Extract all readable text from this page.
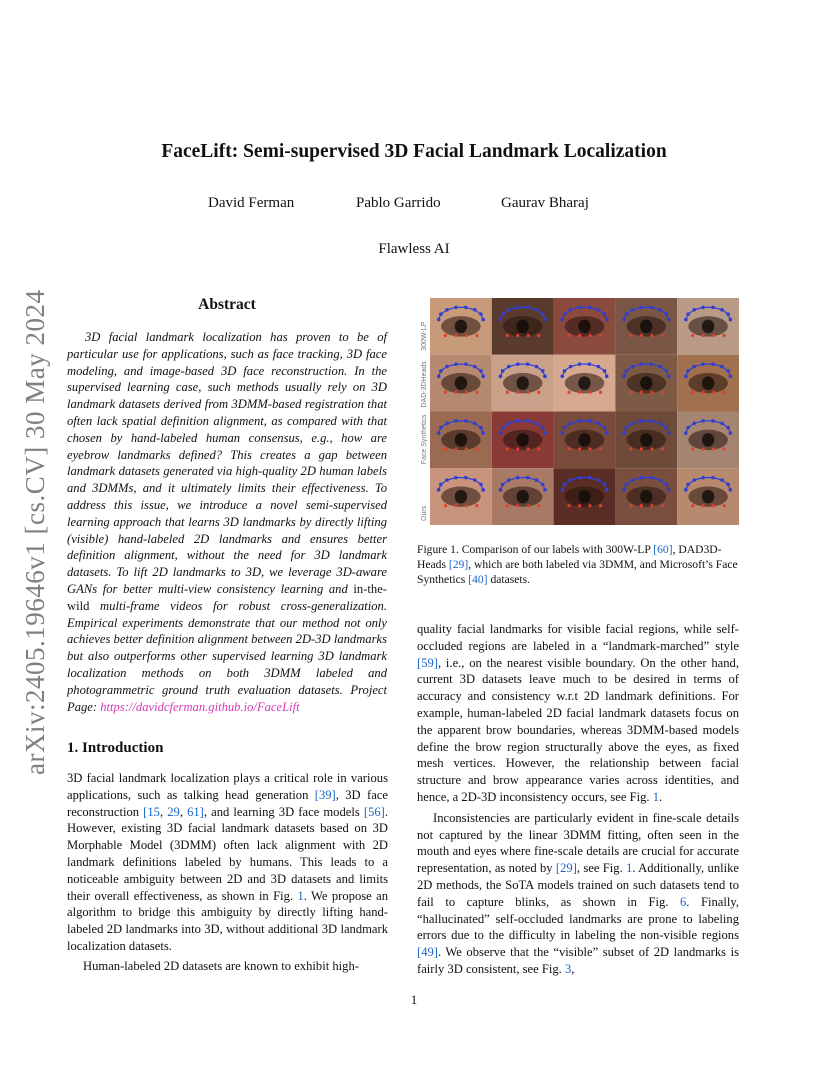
FaceLift: Semi-supervised 3D Facial Landmark Localization
David Ferman	Pablo Garrido	Gaurav Bharaj
Flawless AI
arXiv:2405.19646v1 [cs.CV] 30 May 2024	Abstract

3D facial landmark localization has proven to be of particular use for applications, such as face tracking, 3D face modeling, and image-based 3D face reconstruction. In the supervised learning case, such methods usually rely on 3D landmark datasets derived from 3DMM-based registration that often lack spatial definition alignment, as compared with that chosen by hand-labeled human consensus, e.g., how are eyebrow landmarks defined? This creates a gap between landmark datasets generated via high-quality 2D human labels and 3DMMs, and it ultimately limits their effectiveness. To address this issue, we introduce a novel semi-supervised learning approach that learns 3D landmarks by directly lifting (visible) hand-labeled 2D landmarks and ensures better definition alignment, without the need for 3D landmark datasets. To lift 2D landmarks to 3D, we leverage 3D-aware GANs for better multi-view consistency learning and in-the-wild multi-frame videos for robust cross-generalization. Empirical experiments demonstrate that our method not only achieves better definition alignment between 2D-3D landmarks but also outperforms other supervised learning 3D landmark localization methods on both 3DMM labeled and photogrammetric ground truth evaluation datasets. Project Page: https://davidcferman.github.io/FaceLift

1. Introduction

3D facial landmark localization plays a critical role in various applications, such as talking head generation [39], 3D face reconstruction [15, 29, 61], and learning 3D face models [56]. However, existing 3D facial landmark datasets based on 3D Morphable Model (3DMM) often lack alignment with 2D landmark definitions labeled by humans. This leads to a noticeable ambiguity between 2D and 3D datasets and limits their overall effectiveness, as shown in Fig. 1. We propose an algorithm to bridge this ambiguity by directly lifting hand-labeled 2D landmarks into 3D, without additional 3D landmark localization datasets.

Human-labeled 2D datasets are known to exhibit high-

300W-LP
DAD-3DHeads
Face Synthetics
Ours
Figure 1. Comparison of our labels with 300W-LP [60], DAD3D-Heads [29], which are both labeled via 3DMM, and Microsoft’s Face Synthetics [40] datasets.

quality facial landmarks for visible facial regions, while self-occluded regions are labeled in a “landmark-marched” style [59], i.e., on the nearest visible boundary. On the other hand, current 3D datasets leave much to be desired in terms of accuracy and consistency w.r.t 2D landmark definitions. For example, human-labeled 2D facial landmark datasets focus on the apparent brow boundaries, whereas 3DMM-based models define the brow region structurally above the eyes, as fixed mesh vertices. However, the relationship between facial structure and brow appearance varies across identities, and hence, a 2D-3D inconsistency occurs, see Fig. 1.

Inconsistencies are particularly evident in fine-scale details not captured by the linear 3DMM fitting, often seen in the mouth and eyes where fine-scale details are crucial for accurate representation, as noted by [29], see Fig. 1. Additionally, unlike 2D methods, the SoTA models trained on such datasets tend to fail to capture blinks, as shown in Fig. 6. Finally, “hallucinated” self-occluded landmarks are prone to labeling errors due to the difficulty in labeling the non-visible regions [49]. We observe that the “visible” subset of 2D landmarks is fairly 3D consistent, see Fig. 3,

1
